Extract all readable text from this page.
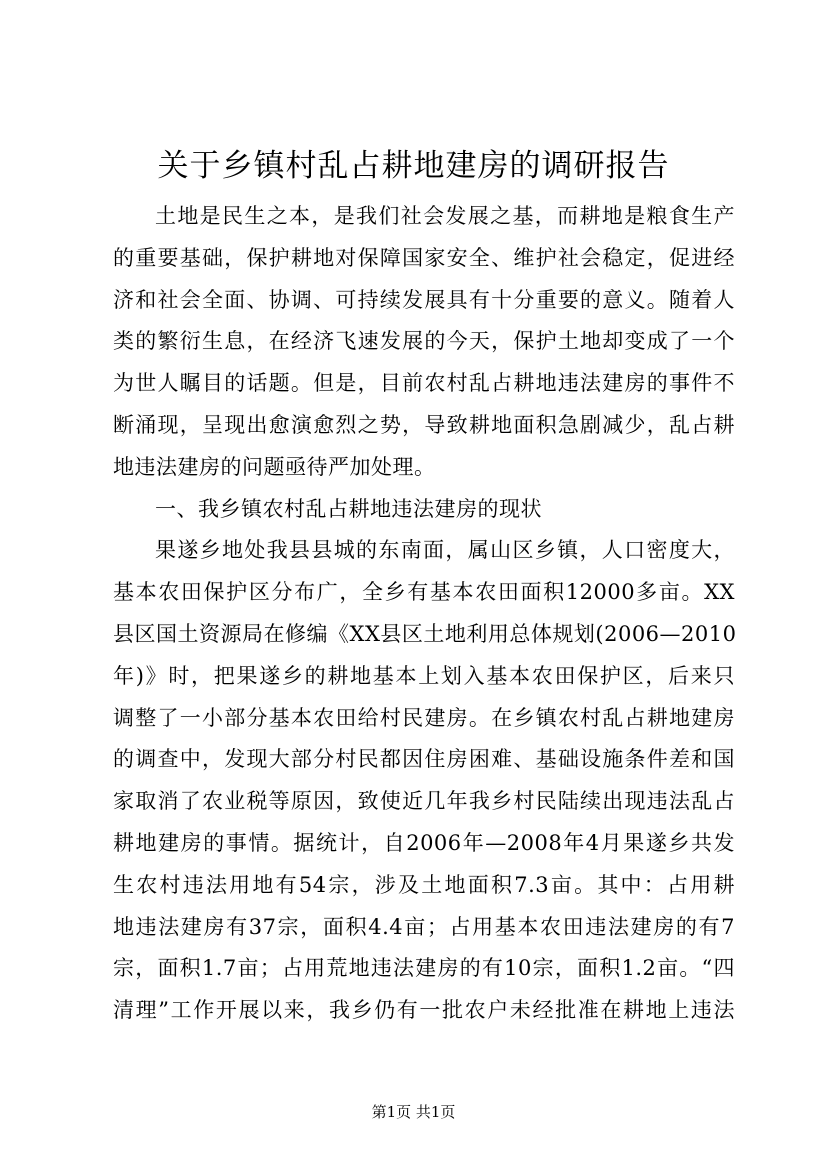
关于乡镇村乱占耕地建房的调研报告
土地是民生之本，是我们社会发展之基，而耕地是粮食生产
的重要基础，保护耕地对保障国家安全、维护社会稳定，促进经
济和社会全面、协调、可持续发展具有十分重要的意义。随着人
类的繁衍生息，在经济飞速发展的今天，保护土地却变成了一个
为世人瞩目的话题。但是，目前农村乱占耕地违法建房的事件不
断涌现，呈现出愈演愈烈之势，导致耕地面积急剧减少，乱占耕
地违法建房的问题亟待严加处理。
一、我乡镇农村乱占耕地违法建房的现状
果遂乡地处我县县城的东南面，属山区乡镇，人口密度大，
基本农田保护区分布广，全乡有基本农田面积12000多亩。XX
县区国土资源局在修编《XX县区土地利用总体规划(2006—2010
年)》时，把果遂乡的耕地基本上划入基本农田保护区，后来只
调整了一小部分基本农田给村民建房。在乡镇农村乱占耕地建房
的调查中，发现大部分村民都因住房困难、基础设施条件差和国
家取消了农业税等原因，致使近几年我乡村民陆续出现违法乱占
耕地建房的事情。据统计，自2006年—2008年4月果遂乡共发
生农村违法用地有54宗，涉及土地面积7.3亩。其中：占用耕
地违法建房有37宗，面积4.4亩；占用基本农田违法建房的有7
宗，面积1.7亩；占用荒地违法建房的有10宗，面积1.2亩。“四
清理”工作开展以来，我乡仍有一批农户未经批准在耕地上违法
第1页 共1页
